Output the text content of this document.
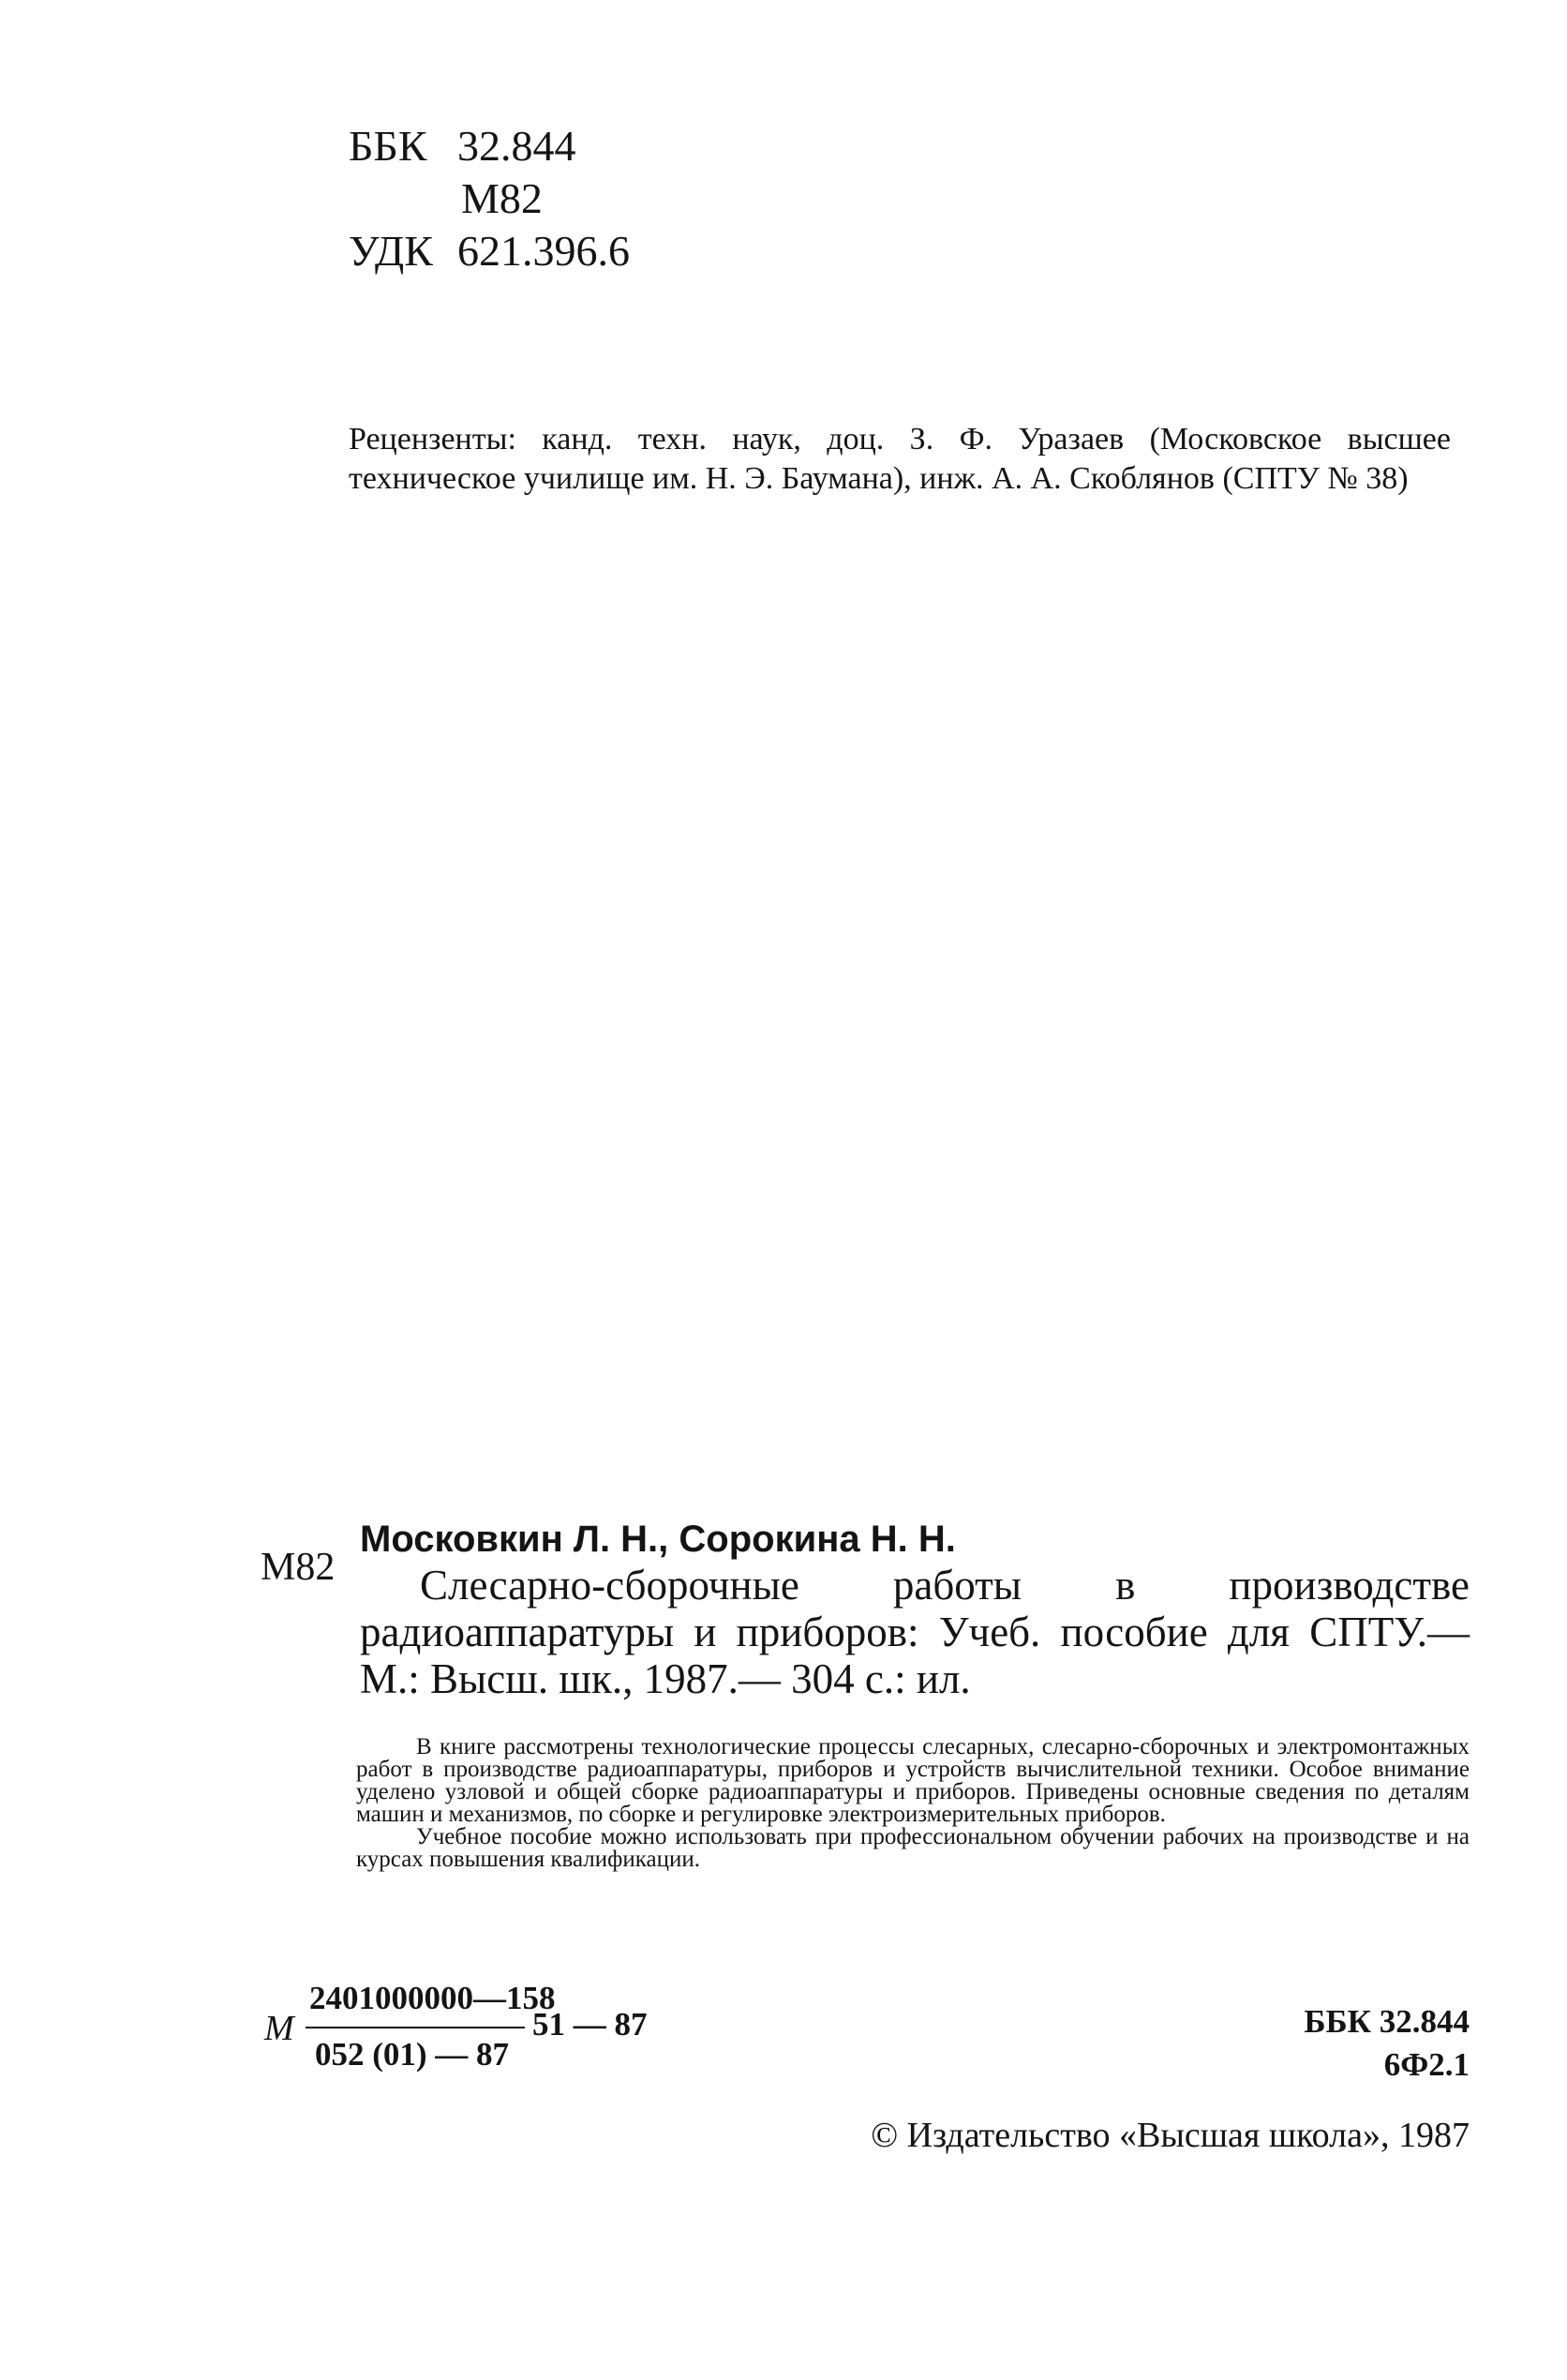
ББК 32.844
М82
УДК 621.396.6
Рецензенты: канд. техн. наук, доц. З. Ф. Уразаев (Московское высшее техническое училище им. Н. Э. Баумана), инж. А. А. Скоблянов (СПТУ № 38)
М82
Московкин Л. Н., Сорокина Н. Н.
Слесарно-сборочные работы в производстве радиоаппаратуры и приборов: Учеб. пособие для СПТУ.— М.: Высш. шк., 1987.— 304 с.: ил.

В книге рассмотрены технологические процессы слесарных, слесарно-сборочных и электромонтажных работ в производстве радиоаппаратуры, приборов и устройств вычислительной техники. Особое внимание уделено узловой и общей сборке радиоаппаратуры и приборов. Приведены основные сведения по деталям машин и механизмов, по сборке и регулировке электроизмерительных приборов.

Учебное пособие можно использовать при профессиональном обучении рабочих на производстве и на курсах повышения квалификации.

М
2401000000—158
052 (01) — 87
51 — 87	ББК 32.844
6Ф2.1
© Издательство «Высшая школа», 1987
